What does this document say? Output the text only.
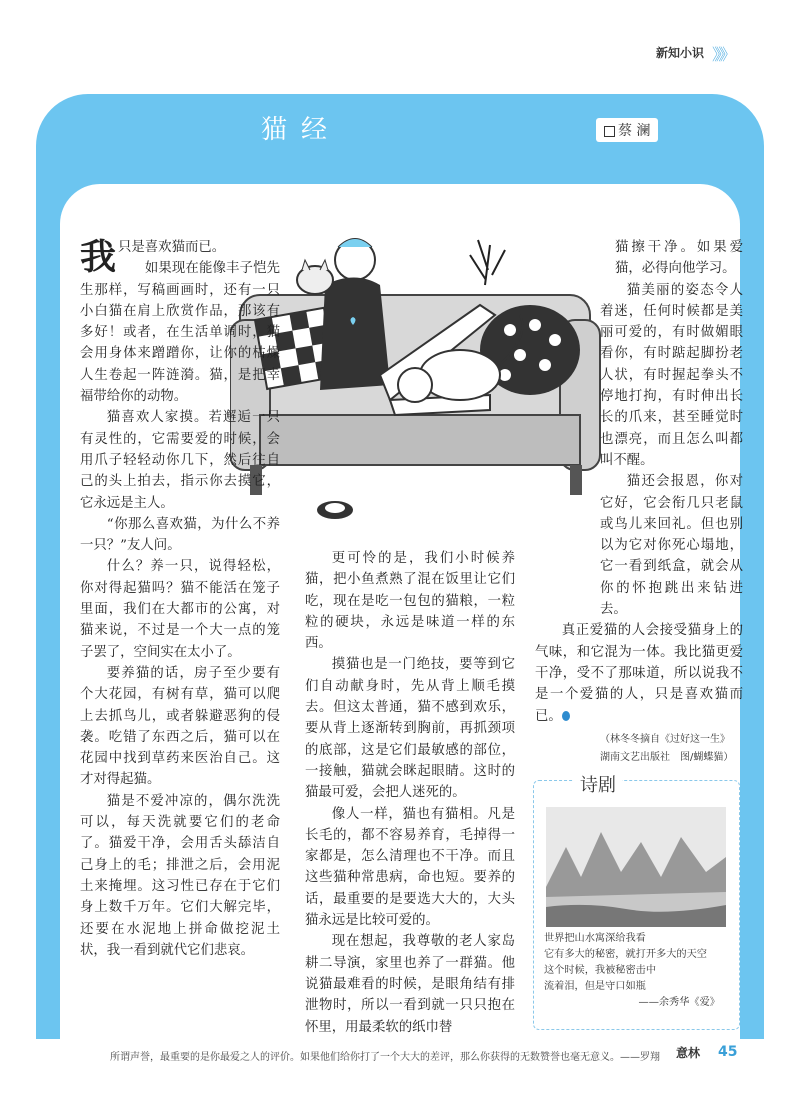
新知小识 》》》
猫经	蔡 澜

我只是喜欢猫而已。

如果现在能像丰子恺先生那样，写稿画画时，还有一只小白猫在肩上欣赏作品，那该有多好！或者，在生活单调时，猫会用身体来蹭蹭你，让你的枯燥人生卷起一阵涟漪。猫，是把幸福带给你的动物。

猫喜欢人家摸。若邂逅一只有灵性的，它需要爱的时候，会用爪子轻轻动你几下，然后往自己的头上拍去，指示你去摸它，它永远是主人。

“你那么喜欢猫，为什么不养一只？”友人问。

什么？养一只，说得轻松，你对得起猫吗？猫不能活在笼子里面，我们在大都市的公寓，对猫来说，不过是一个大一点的笼子罢了，空间实在太小了。

要养猫的话，房子至少要有个大花园，有树有草，猫可以爬上去抓鸟儿，或者躲避恶狗的侵袭。吃错了东西之后，猫可以在花园中找到草药来医治自己。这才对得起猫。

猫是不爱冲凉的，偶尔洗洗可以，每天洗就要它们的老命了。猫爱干净，会用舌头舔洁自己身上的毛；排泄之后，会用泥土来掩埋。这习性已存在于它们身上数千万年。它们大解完毕，还要在水泥地上拼命做挖泥土状，我一看到就代它们悲哀。

更可怜的是，我们小时候养猫，把小鱼煮熟了混在饭里让它们吃，现在是吃一包包的猫粮，一粒粒的硬块，永远是味道一样的东西。

摸猫也是一门绝技，要等到它们自动献身时，先从背上顺毛摸去。但这太普通，猫不感到欢乐，要从背上逐渐转到胸前，再抓颈项的底部，这是它们最敏感的部位，一接触，猫就会眯起眼睛。这时的猫最可爱，会把人迷死的。

像人一样，猫也有猫相。凡是长毛的，都不容易养育，毛掉得一家都是，怎么清理也不干净。而且这些猫种常患病，命也短。要养的话，最重要的是要选大大的，大头猫永远是比较可爱的。

现在想起，我尊敬的老人家岛耕二导演，家里也养了一群猫。他说猫最难看的时候，是眼角结有排泄物时，所以一看到就一只只抱在怀里，用最柔软的纸巾替

猫擦干净。如果爱猫，必得向他学习。

猫美丽的姿态令人着迷，任何时候都是美丽可爱的，有时做媚眼看你，有时踮起脚扮老人状，有时握起拳头不停地打拘，有时伸出长长的爪来，甚至睡觉时也漂亮，而且怎么叫都叫不醒。

猫还会报恩，你对它好，它会衔几只老鼠或鸟儿来回礼。但也别以为它对你死心塌地，它一看到纸盒，就会从你的怀抱跳出来钻进去。

真正爱猫的人会接受猫身上的气味，和它混为一体。我比猫更爱干净，受不了那味道，所以说我不是一个爱猫的人，只是喜欢猫而已。

（林冬冬摘自《过好这一生》
湖南文艺出版社　图/蝴蝶猫）
诗剧
世界把山水寓深给我看
它有多大的秘密，就打开多大的天空
这个时候，我被秘密击中
流着泪，但是守口如瓶
——余秀华《爱》
所谓声誉，最重要的是你最爱之人的评价。如果他们给你打了一个大大的差评，那么你获得的无数赞誉也毫无意义。——罗翔	意林 45
